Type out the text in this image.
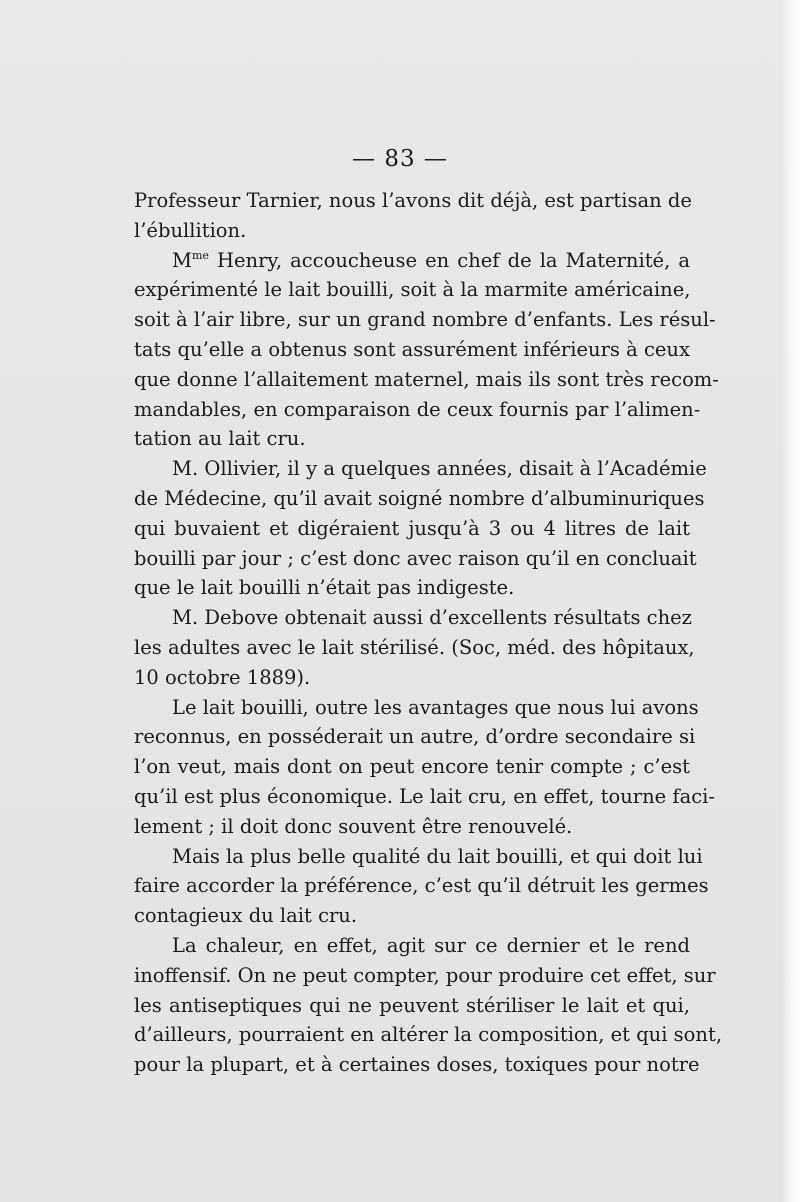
— 83 —
Professeur Tarnier, nous l’avons dit déjà, est partisan de
l’ébullition.
$M^{me}$ Henry, accoucheuse en chef de la Maternité, a
expérimenté le lait bouilli, soit à la marmite américaine,
soit à l’air libre, sur un grand nombre d’enfants. Les résul-
tats qu’elle a obtenus sont assurément inférieurs à ceux
que donne l’allaitement maternel, mais ils sont très recom-
mandables, en comparaison de ceux fournis par l’alimen-
tation au lait cru.
M. Ollivier, il y a quelques années, disait à l’Académie
de Médecine, qu’il avait soigné nombre d’albuminuriques
qui buvaient et digéraient jusqu’à 3 ou 4 litres de lait
bouilli par jour ; c’est donc avec raison qu’il en concluait
que le lait bouilli n’était pas indigeste.
M. Debove obtenait aussi d’excellents résultats chez
les adultes avec le lait stérilisé. (Soc, méd. des hôpitaux,
10 octobre 1889).
Le lait bouilli, outre les avantages que nous lui avons
reconnus, en posséderait un autre, d’ordre secondaire si
l’on veut, mais dont on peut encore tenir compte ; c’est
qu’il est plus économique. Le lait cru, en effet, tourne faci-
lement ; il doit donc souvent être renouvelé.
Mais la plus belle qualité du lait bouilli, et qui doit lui
faire accorder la préférence, c’est qu’il détruit les germes
contagieux du lait cru.
La chaleur, en effet, agit sur ce dernier et le rend
inoffensif. On ne peut compter, pour produire cet effet, sur
les antiseptiques qui ne peuvent stériliser le lait et qui,
d’ailleurs, pourraient en altérer la composition, et qui sont,
pour la plupart, et à certaines doses, toxiques pour notre
